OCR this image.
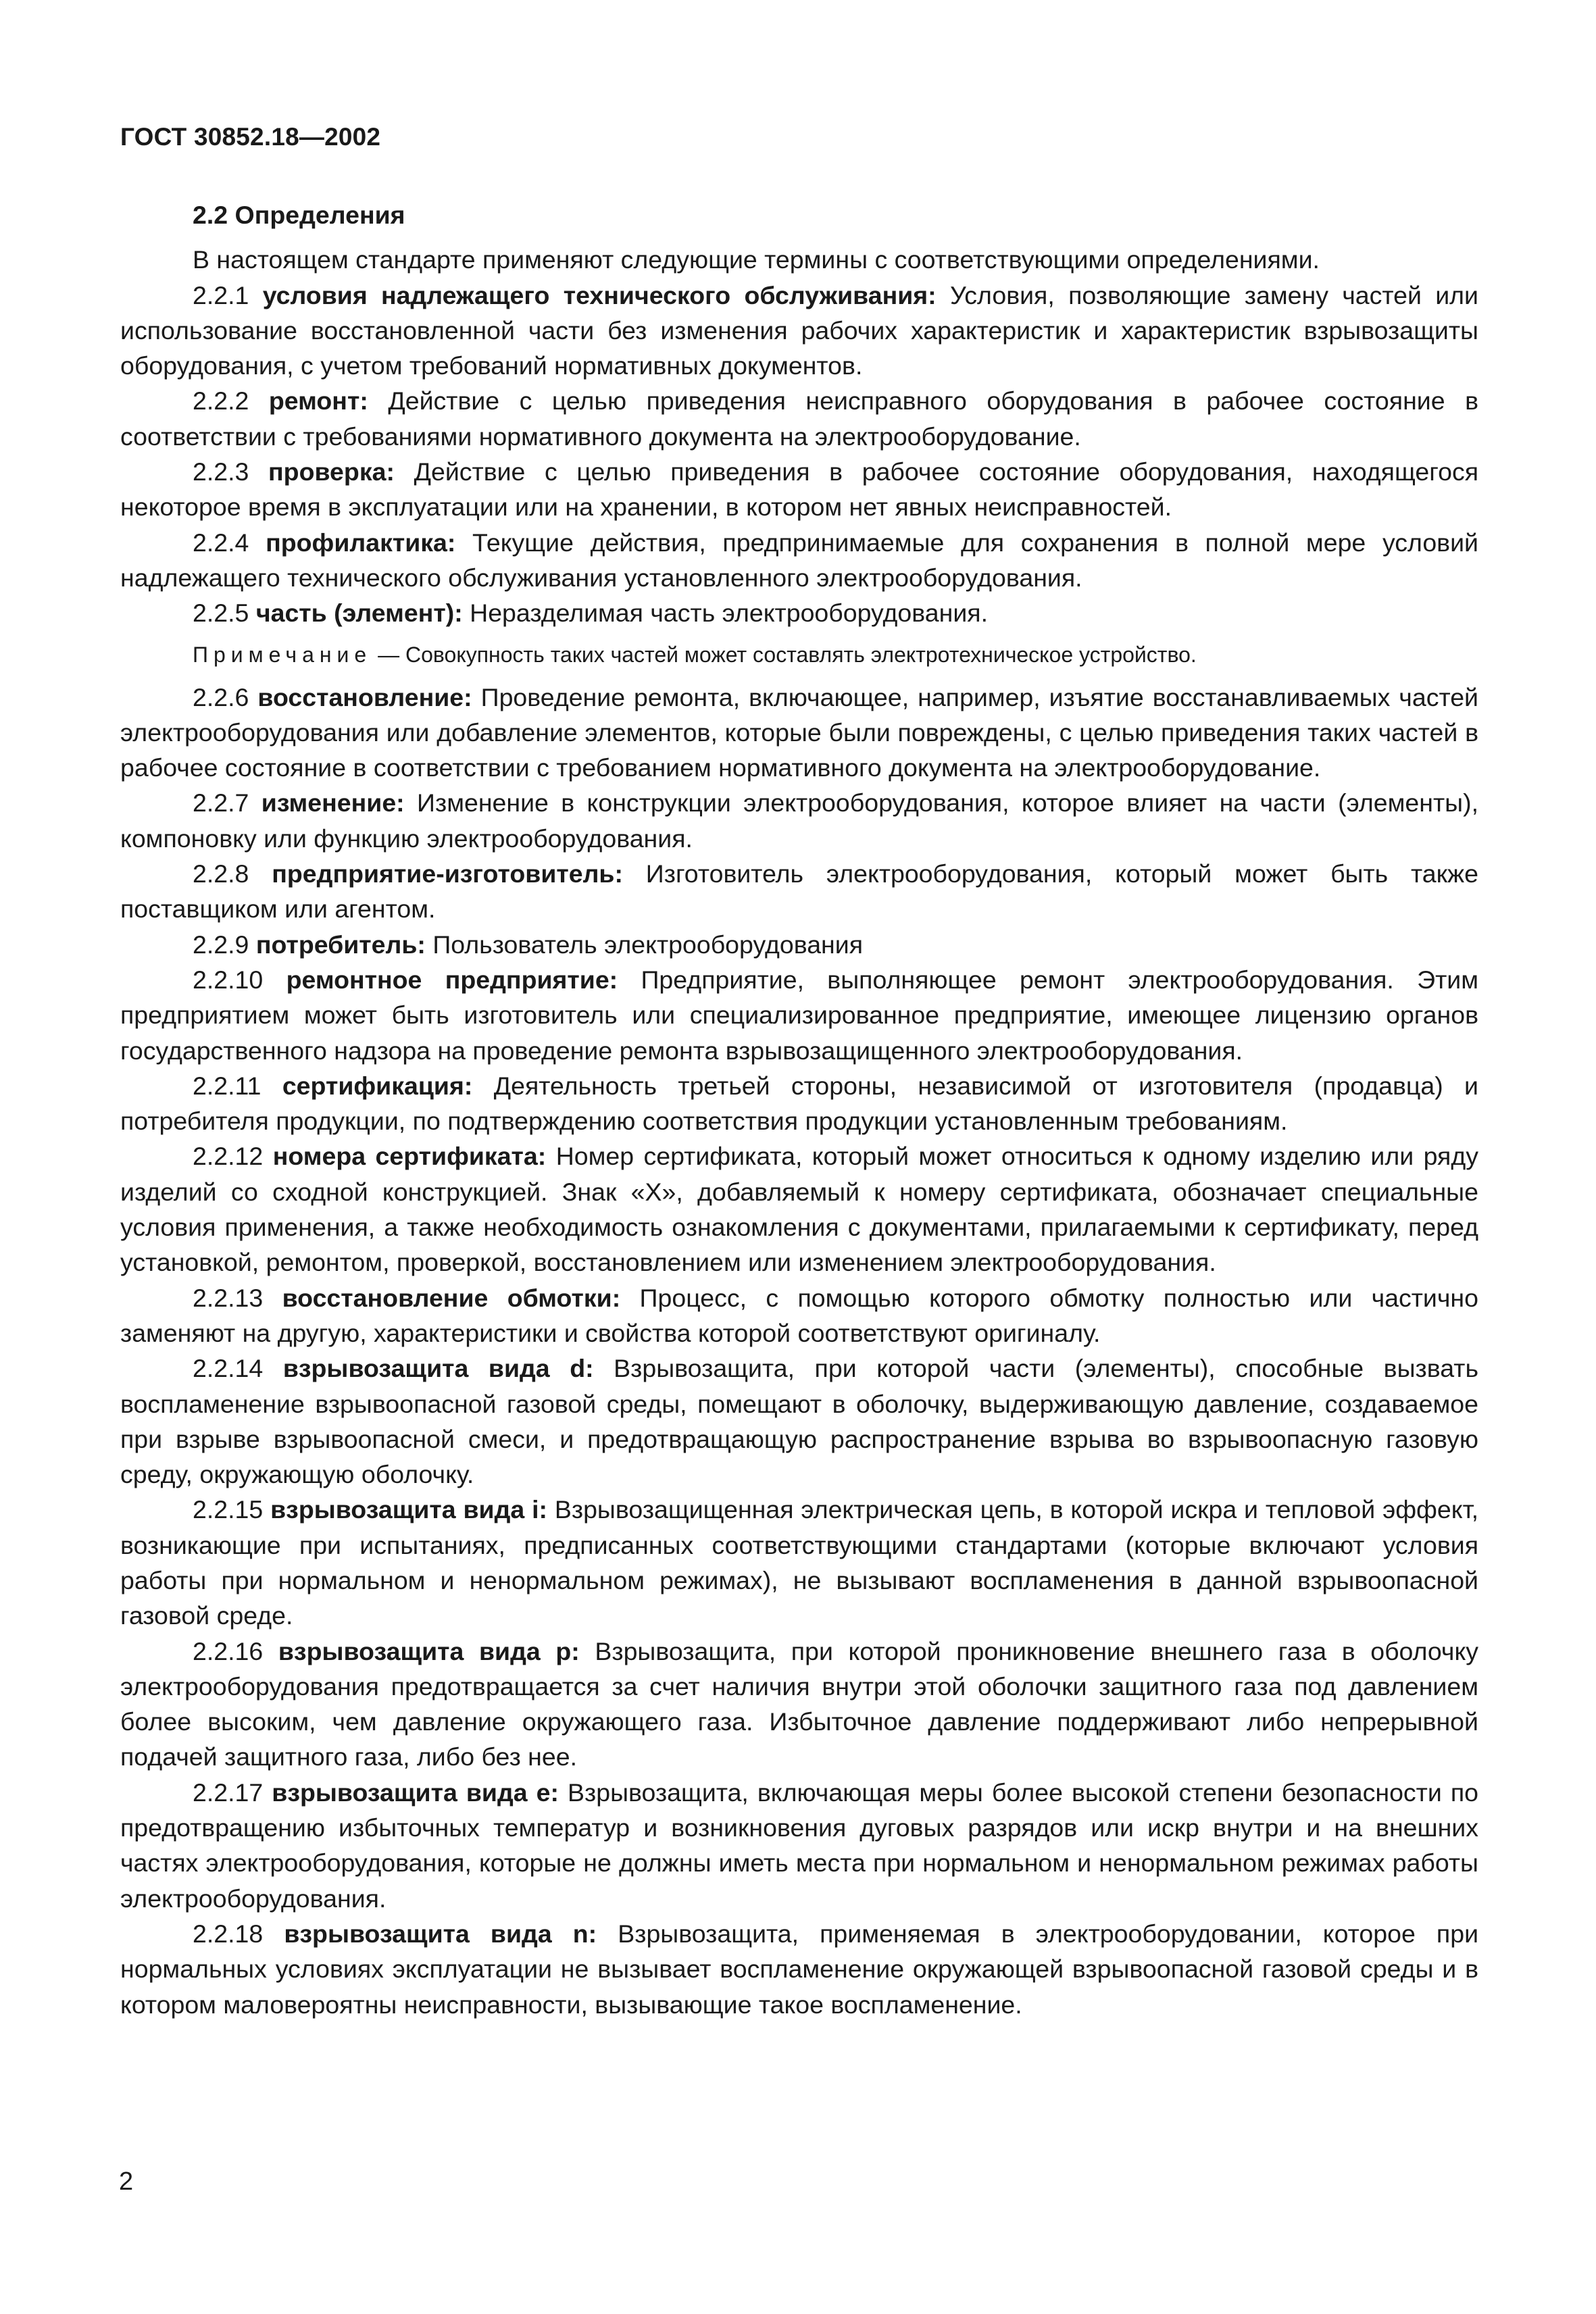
ГОСТ 30852.18—2002
2.2 Определения

В настоящем стандарте применяют следующие термины с соответствующими определениями.

2.2.1 условия надлежащего технического обслуживания: Условия, позволяющие замену частей или использование восстановленной части без изменения рабочих характеристик и характеристик взрывозащиты оборудования, с учетом требований нормативных документов.

2.2.2 ремонт: Действие с целью приведения неисправного оборудования в рабочее состояние в соответствии с требованиями нормативного документа на электрооборудование.

2.2.3 проверка: Действие с целью приведения в рабочее состояние оборудования, находящегося некоторое время в эксплуатации или на хранении, в котором нет явных неисправностей.

2.2.4 профилактика: Текущие действия, предпринимаемые для сохранения в полной мере условий надлежащего технического обслуживания установленного электрооборудования.

2.2.5 часть (элемент): Неразделимая часть электрооборудования.

Примечание — Совокупность таких частей может составлять электротехническое устройство.

2.2.6 восстановление: Проведение ремонта, включающее, например, изъятие восстанавливаемых частей электрооборудования или добавление элементов, которые были повреждены, с целью приведения таких частей в рабочее состояние в соответствии с требованием нормативного документа на электрооборудование.

2.2.7 изменение: Изменение в конструкции электрооборудования, которое влияет на части (элементы), компоновку или функцию электрооборудования.

2.2.8 предприятие-изготовитель: Изготовитель электрооборудования, который может быть также поставщиком или агентом.

2.2.9 потребитель: Пользователь электрооборудования

2.2.10 ремонтное предприятие: Предприятие, выполняющее ремонт электрооборудования. Этим предприятием может быть изготовитель или специализированное предприятие, имеющее лицензию органов государственного надзора на проведение ремонта взрывозащищенного электрооборудования.

2.2.11 сертификация: Деятельность третьей стороны, независимой от изготовителя (продавца) и потребителя продукции, по подтверждению соответствия продукции установленным требованиям.

2.2.12 номера сертификата: Номер сертификата, который может относиться к одному изделию или ряду изделий со сходной конструкцией. Знак «Х», добавляемый к номеру сертификата, обозначает специальные условия применения, а также необходимость ознакомления с документами, прилагаемыми к сертификату, перед установкой, ремонтом, проверкой, восстановлением или изменением электрооборудования.

2.2.13 восстановление обмотки: Процесс, с помощью которого обмотку полностью или частично заменяют на другую, характеристики и свойства которой соответствуют оригиналу.

2.2.14 взрывозащита вида d: Взрывозащита, при которой части (элементы), способные вызвать воспламенение взрывоопасной газовой среды, помещают в оболочку, выдерживающую давление, создаваемое при взрыве взрывоопасной смеси, и предотвращающую распространение взрыва во взрывоопасную газовую среду, окружающую оболочку.

2.2.15 взрывозащита вида i: Взрывозащищенная электрическая цепь, в которой искра и тепловой эффект, возникающие при испытаниях, предписанных соответствующими стандартами (которые включают условия работы при нормальном и ненормальном режимах), не вызывают воспламенения в данной взрывоопасной газовой среде.

2.2.16 взрывозащита вида р: Взрывозащита, при которой проникновение внешнего газа в оболочку электрооборудования предотвращается за счет наличия внутри этой оболочки защитного газа под давлением более высоким, чем давление окружающего газа. Избыточное давление поддерживают либо непрерывной подачей защитного газа, либо без нее.

2.2.17 взрывозащита вида е: Взрывозащита, включающая меры более высокой степени безопасности по предотвращению избыточных температур и возникновения дуговых разрядов или искр внутри и на внешних частях электрооборудования, которые не должны иметь места при нормальном и ненормальном режимах работы электрооборудования.

2.2.18 взрывозащита вида n: Взрывозащита, применяемая в электрооборудовании, которое при нормальных условиях эксплуатации не вызывает воспламенение окружающей взрывоопасной газовой среды и в котором маловероятны неисправности, вызывающие такое воспламенение.

2
